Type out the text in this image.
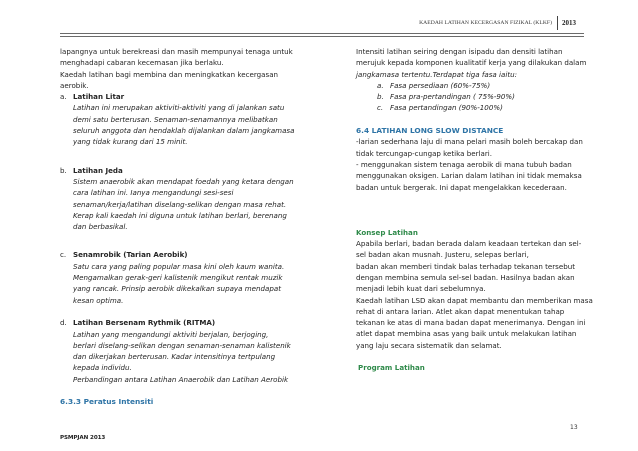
KAEDAH LATIHAN KECERGASAN FIZIKAL (KLKF) 2013

lapangnya untuk berekreasi dan masih mempunyai tenaga untuk

menghadapi cabaran kecemasan jika berlaku.

Kaedah latihan bagi membina dan meningkatkan kecergasan

aerobik.

a. Latihan Litar

Latihan ini merupakan aktiviti-aktiviti yang di jalankan satu

demi satu berterusan. Senaman-senamannya melibatkan

seluruh anggota dan hendaklah dijalankan dalam jangkamasa

yang tidak kurang dari 15 minit.

b. Latihan Jeda

Sistem anaerobik akan mendapat foedah yang ketara dengan

cara latihan ini. Ianya mengandungi sesi-sesi

senaman/kerja/latihan diselang-selikan dengan masa rehat.

Kerap kali kaedah ini diguna untuk latihan berlari, berenang

dan berbasikal.

c. Senamrobik (Tarian Aerobik)

Satu cara yang paling popular masa kini oleh kaum wanita.

Mengamalkan gerak-geri kalistenik mengikut rentak muzik

yang rancak. Prinsip aerobik dikekalkan supaya mendapat

kesan optima.

d. Latihan Bersenam Rythmik (RITMA)

Latihan yang mengandungi aktiviti berjalan, berjoging,

berlari diselang-selikan dengan senaman-senaman kalistenik

dan dikerjakan berterusan. Kadar intensitinya tertpulang

kepada individu.

Perbandingan antara Latihan Anaerobik dan Latihan Aerobik

6.3.3 Peratus Intensiti

Intensiti latihan seiring dengan isipadu dan densiti latihan

merujuk kepada komponen kualitatif kerja yang dilakukan dalam

jangkamasa tertentu.Terdapat tiga fasa iaitu:

a. Fasa persediaan (60%-75%)

b. Fasa pra-pertandingan ( 75%-90%)

c. Fasa pertandingan (90%-100%)

6.4 LATIHAN LONG SLOW DISTANCE

-larian sederhana laju di mana pelari masih boleh bercakap dan

tidak tercungap-cungap ketika berlari.

- menggunakan sistem tenaga aerobik di mana tubuh badan

menggunakan oksigen. Larian dalam latihan ini tidak memaksa

badan untuk bergerak. Ini dapat mengelakkan kecederaan.

Konsep Latihan

Apabila berlari, badan berada dalam keadaan tertekan dan sel-

sel badan akan musnah. Justeru, selepas berlari,

badan akan memberi tindak balas terhadap tekanan tersebut

dengan membina semula sel-sel badan. Hasilnya badan akan

menjadi lebih kuat dari sebelumnya.

Kaedah latihan LSD akan dapat membantu dan memberikan masa

rehat di antara larian. Atlet akan dapat menentukan tahap

tekanan ke atas di mana badan dapat menerimanya. Dengan ini

atlet dapat membina asas yang baik untuk melakukan latihan

yang laju secara sistematik dan selamat.

Program Latihan

13
PSMPJAN 2013
